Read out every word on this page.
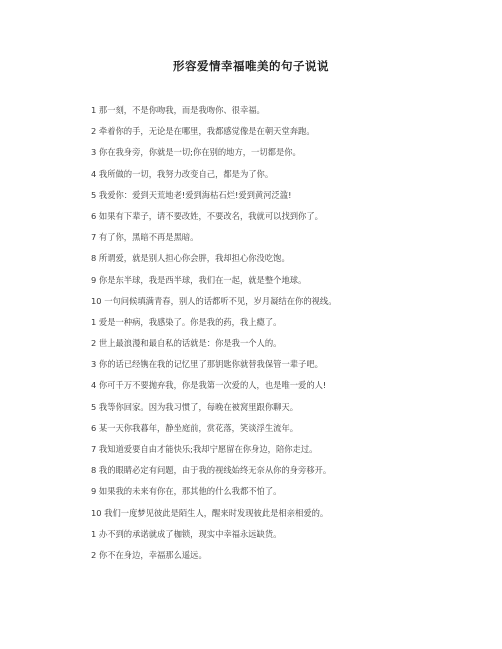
形容爱情幸福唯美的句子说说
1 那一刻，不是你吻我，而是我吻你、很幸福。
2 牵着你的手，无论是在哪里，我都感觉像是在朝天堂奔跑。
3 你在我身旁，你就是一切;你在别的地方，一切都是你。
4 我所做的一切，我努力改变自己，都是为了你。
5 我爱你：爱到天荒地老!爱到海枯石烂!爱到黄河泛滥!
6 如果有下辈子，请不要改姓，不要改名，我就可以找到你了。
7 有了你，黑暗不再是黑暗。
8 所谓爱，就是别人担心你会胖，我却担心你没吃饱。
9 你是东半球，我是西半球，我们在一起，就是整个地球。
10 一句问候填满青春，别人的话都听不见，岁月凝结在你的视线。
1 爱是一种病，我感染了。你是我的药，我上瘾了。
2 世上最浪漫和最自私的话就是：你是我一个人的。
3 你的话已经镌在我的记忆里了那钥匙你就替我保管一辈子吧。
4 你可千万不要抛弃我，你是我第一次爱的人，也是唯一爱的人!
5 我等你回家。因为我习惯了，每晚在被窝里跟你聊天。
6 某一天你我暮年，静坐庭前，赏花落，笑谈浮生流年。
7 我知道爱要自由才能快乐;我却宁愿留在你身边，陪你走过。
8 我的眼睛必定有问题，由于我的视线始终无奈从你的身旁移开。
9 如果我的未来有你在，那其他的什么我都不怕了。
10 我们一度梦见彼此是陌生人，醒来时发现彼此是相亲相爱的。
1 办不到的承诺就成了枷锁，现实中幸福永远缺货。
2 你不在身边，幸福那么遥远。
